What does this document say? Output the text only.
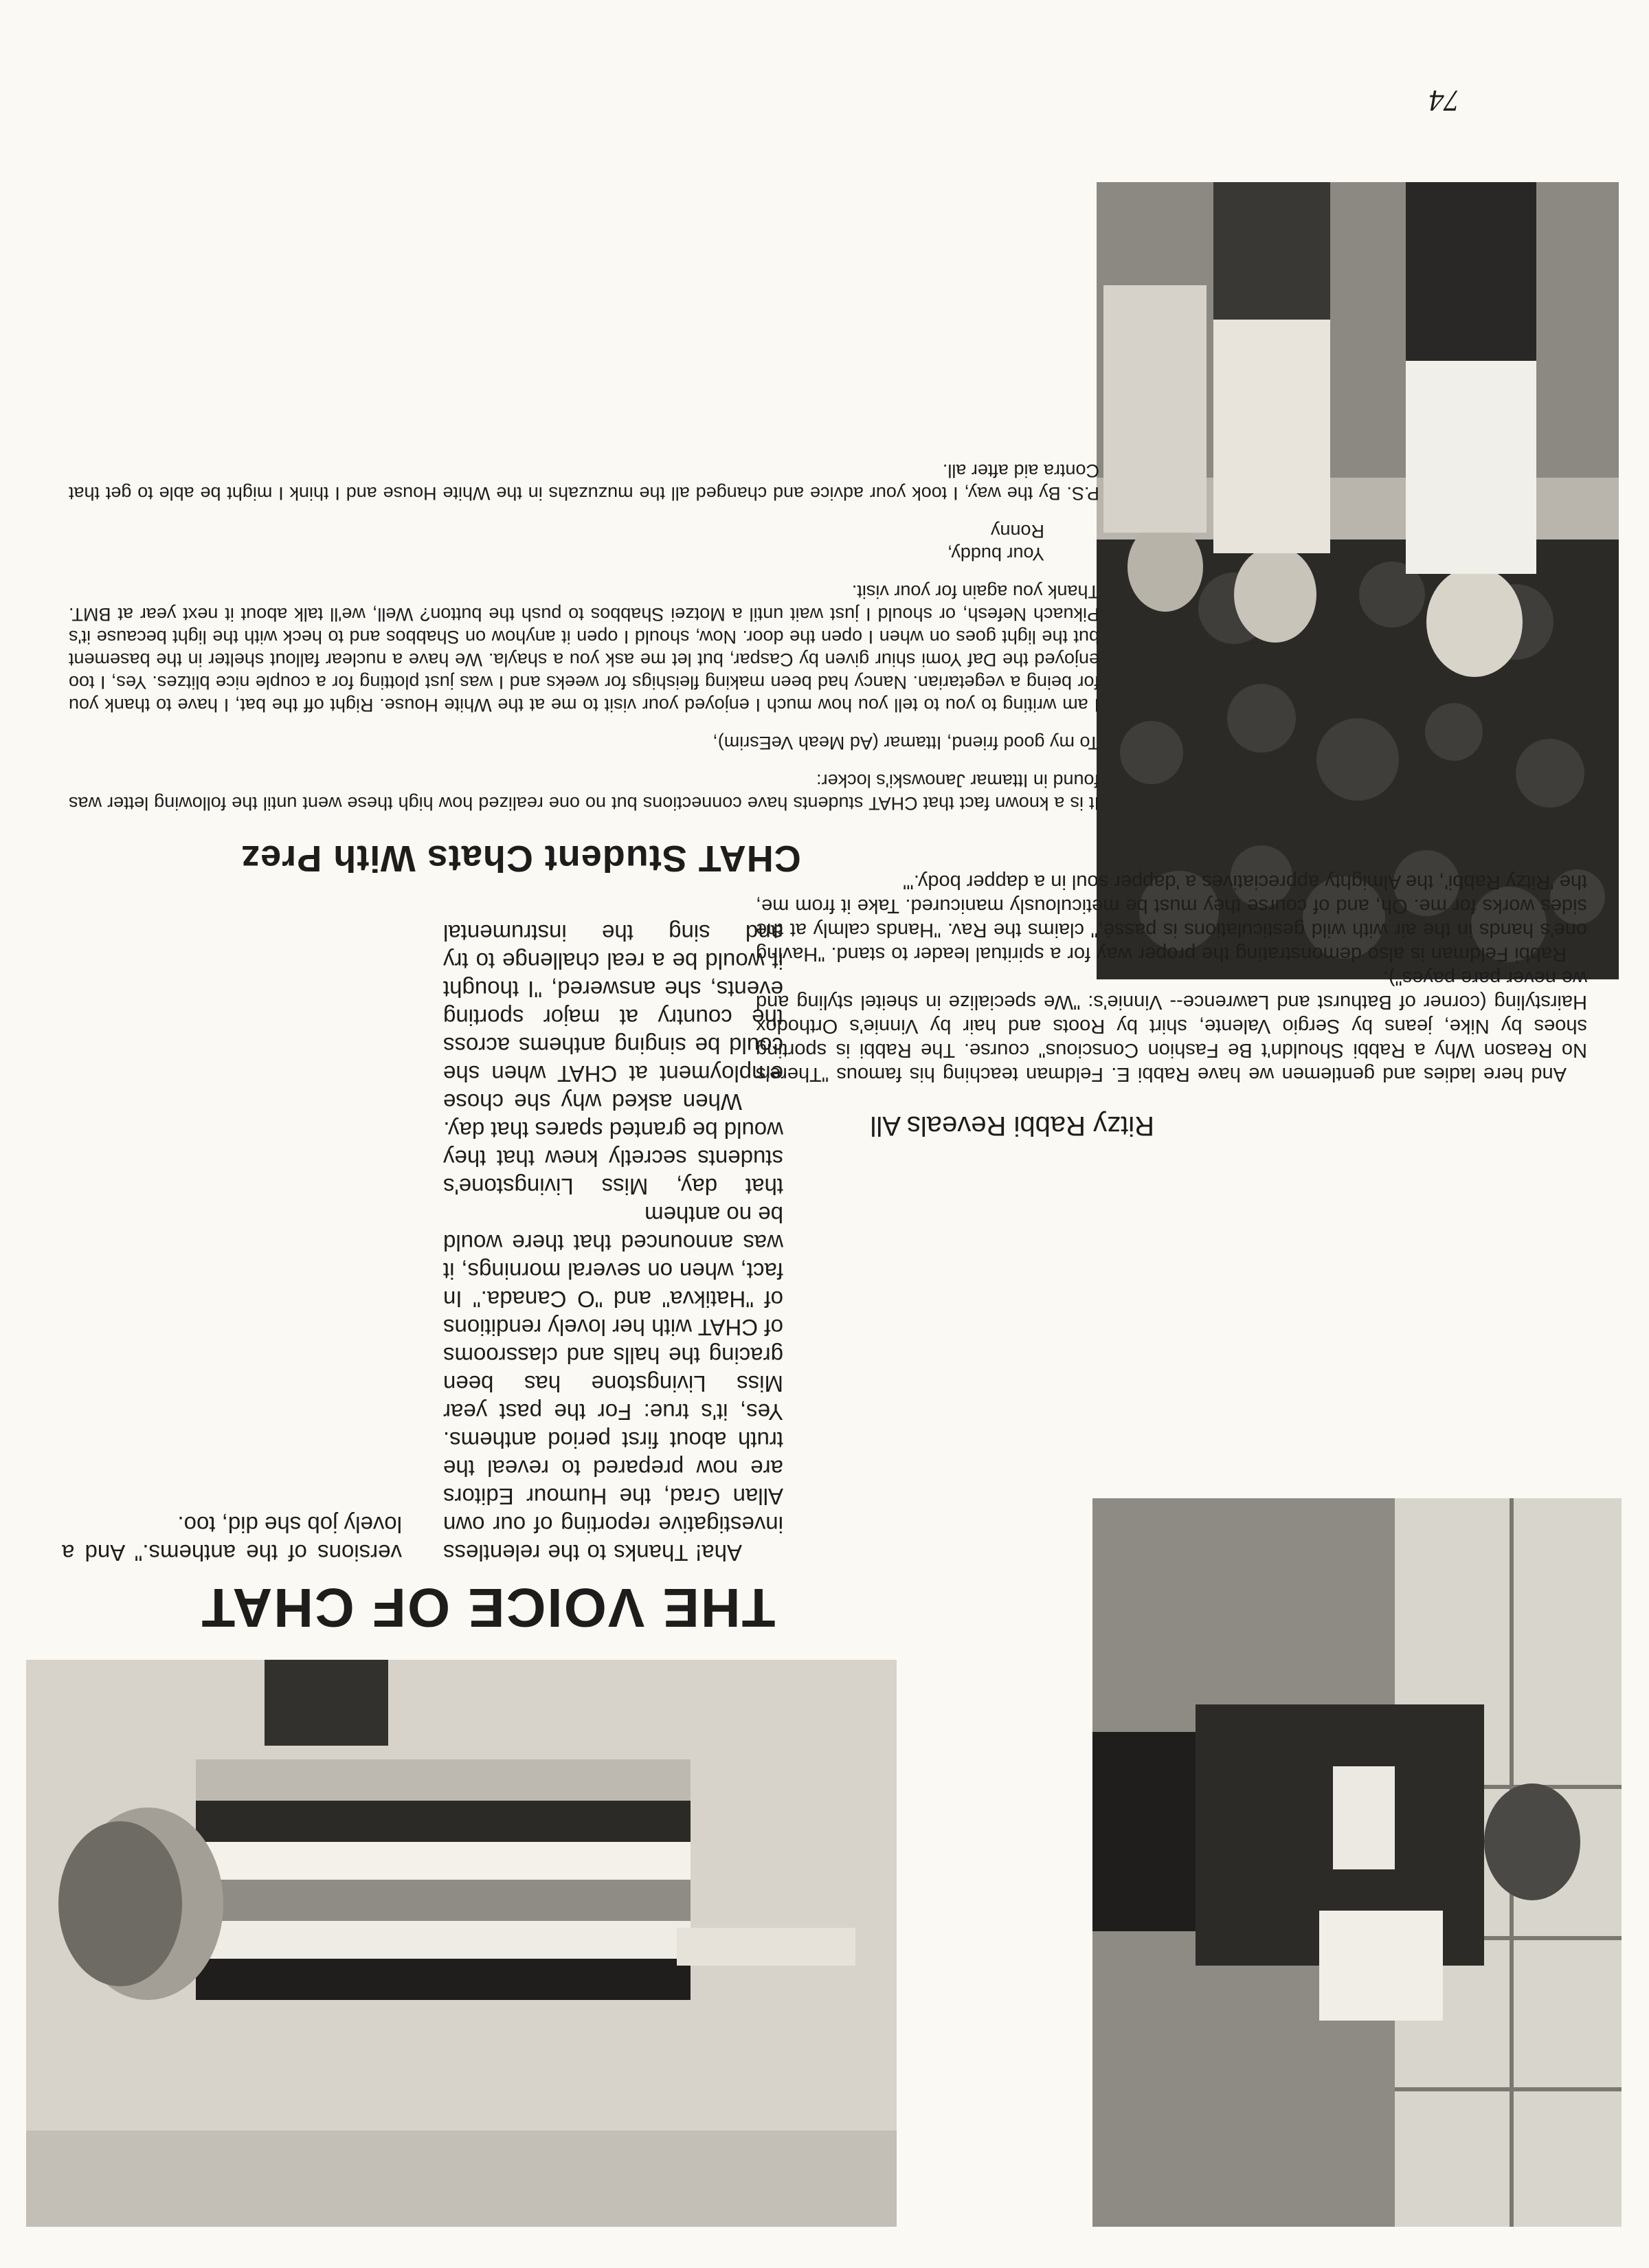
74
CHAT Student Chats With Prez

It is a known fact that CHAT students have connections but no one realized how high these went until the following letter was found in Ittamar Janowski's locker:

To my good friend, Ittamar (Ad Meah VeEsrim),

I am writing to you to tell you how much I enjoyed your visit to me at the White House. Right off the bat, I have to thank you for being a vegetarian. Nancy had been making fleishigs for weeks and I was just plotting for a couple nice blitzes. Yes, I too enjoyed the Daf Yomi shiur given by Caspar, but let me ask you a shayla. We have a nuclear fallout shelter in the basement but the light goes on when I open the door. Now, should I open it anyhow on Shabbos and to heck with the light because it's Pikuach Nefesh, or should I just wait until a Motzei Shabbos to push the button? Well, we'll talk about it next year at BMT. Thank you again for your visit.

Your buddy,
Ronny

P.S. By the way, I took your advice and changed all the muzuzahs in the White House and I think I might be able to get that Contra aid after all.

THE VOICE OF CHAT

Aha! Thanks to the relentless investigative reporting of our own Allan Grad, the Humour Editors are now prepared to reveal the truth about first period anthems. Yes, it's true: For the past year Miss Livingstone has been gracing the halls and classrooms of CHAT with her lovely renditions of "Hatikva" and "O Canada." In fact, when on several mornings, it was announced that there would be no anthem

that day, Miss Livingstone's students secretly knew that they would be granted spares that day.

When asked why she chose employment at CHAT when she could be singing anthems across the country at major sporting events, she answered, "I thought it would be a real challenge to try and sing the instrumental versions of the anthems." And a lovely job she did, too.

Ritzy Rabbi Reveals All

And here ladies and gentlemen we have Rabbi E. Feldman teaching his famous "There's No Reason Why a Rabbi Shouldn't Be Fashion Conscious" course. The Rabbi is sporting shoes by Nike, jeans by Sergio Valente, shirt by Roots and hair by Vinnie's Orthodox Hairstyling (corner of Bathurst and Lawrence-- Vinnie's: "We specialize in sheitel styling and we never pare payes").

Rabbi Feldman is also demonstrating the proper way for a spiritual leader to stand. "Having one's hands in the air with wild gesticulations is passé," claims the Rav. "Hands calmly at the sides works for me. Oh, and of course they must be meticulously manicured. Take it from me, the 'Ritzy Rabbi', the Almighty appreciatives a 'dapper soul in a dapper body.'"
